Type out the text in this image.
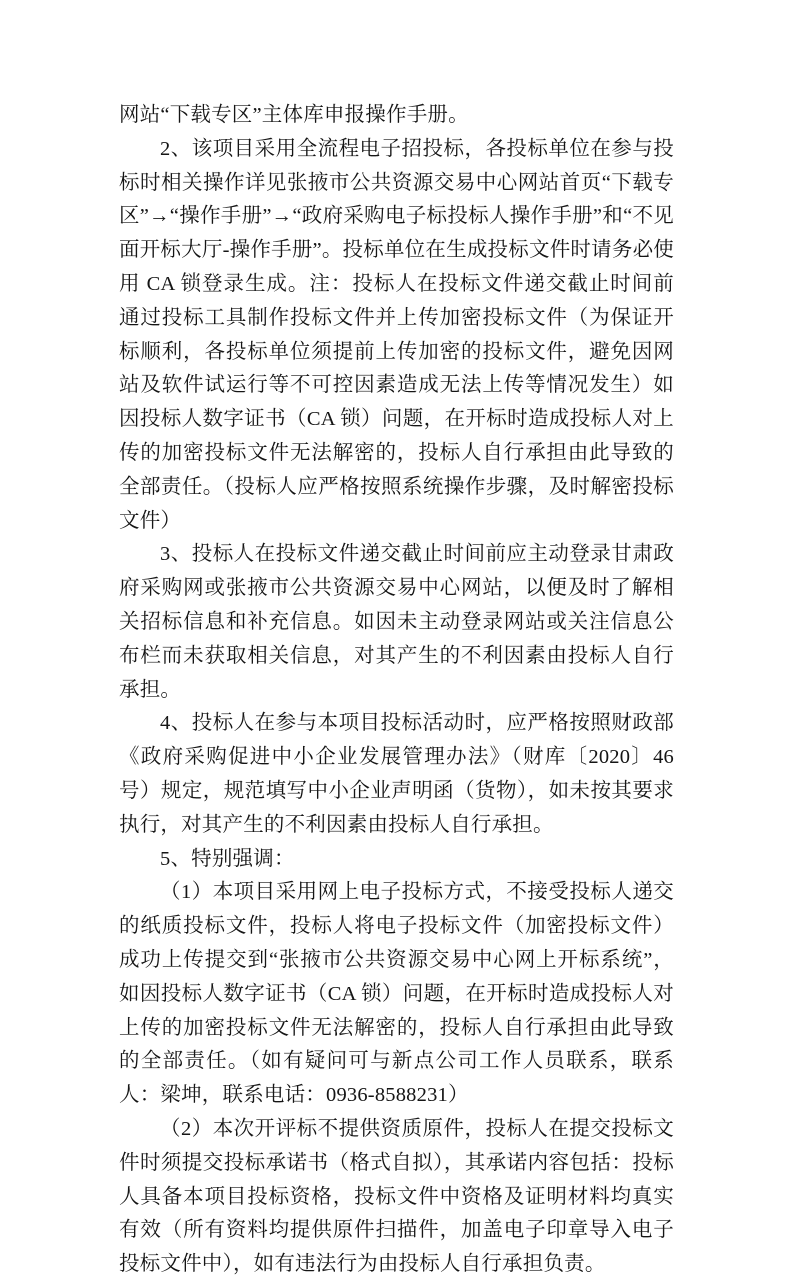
网站“下载专区”主体库申报操作手册。

2、该项目采用全流程电子招投标，各投标单位在参与投标时相关操作详见张掖市公共资源交易中心网站首页“下载专区”→“操作手册”→“政府采购电子标投标人操作手册”和“不见面开标大厅-操作手册”。投标单位在生成投标文件时请务必使用 CA 锁登录生成。注：投标人在投标文件递交截止时间前通过投标工具制作投标文件并上传加密投标文件（为保证开标顺利，各投标单位须提前上传加密的投标文件，避免因网站及软件试运行等不可控因素造成无法上传等情况发生）如因投标人数字证书（CA 锁）问题，在开标时造成投标人对上传的加密投标文件无法解密的，投标人自行承担由此导致的全部责任。（投标人应严格按照系统操作步骤，及时解密投标文件）

3、投标人在投标文件递交截止时间前应主动登录甘肃政府采购网或张掖市公共资源交易中心网站，以便及时了解相关招标信息和补充信息。如因未主动登录网站或关注信息公布栏而未获取相关信息，对其产生的不利因素由投标人自行承担。

4、投标人在参与本项目投标活动时，应严格按照财政部《政府采购促进中小企业发展管理办法》（财库〔2020〕46 号）规定，规范填写中小企业声明函（货物），如未按其要求执行，对其产生的不利因素由投标人自行承担。

5、特别强调：

（1）本项目采用网上电子投标方式，不接受投标人递交的纸质投标文件，投标人将电子投标文件（加密投标文件）成功上传提交到“张掖市公共资源交易中心网上开标系统”，如因投标人数字证书（CA 锁）问题，在开标时造成投标人对上传的加密投标文件无法解密的，投标人自行承担由此导致的全部责任。（如有疑问可与新点公司工作人员联系，联系人：梁坤，联系电话：0936-8588231）

（2）本次开评标不提供资质原件，投标人在提交投标文件时须提交投标承诺书（格式自拟），其承诺内容包括：投标人具备本项目投标资格，投标文件中资格及证明材料均真实有效（所有资料均提供原件扫描件，加盖电子印章导入电子投标文件中），如有违法行为由投标人自行承担负责。
